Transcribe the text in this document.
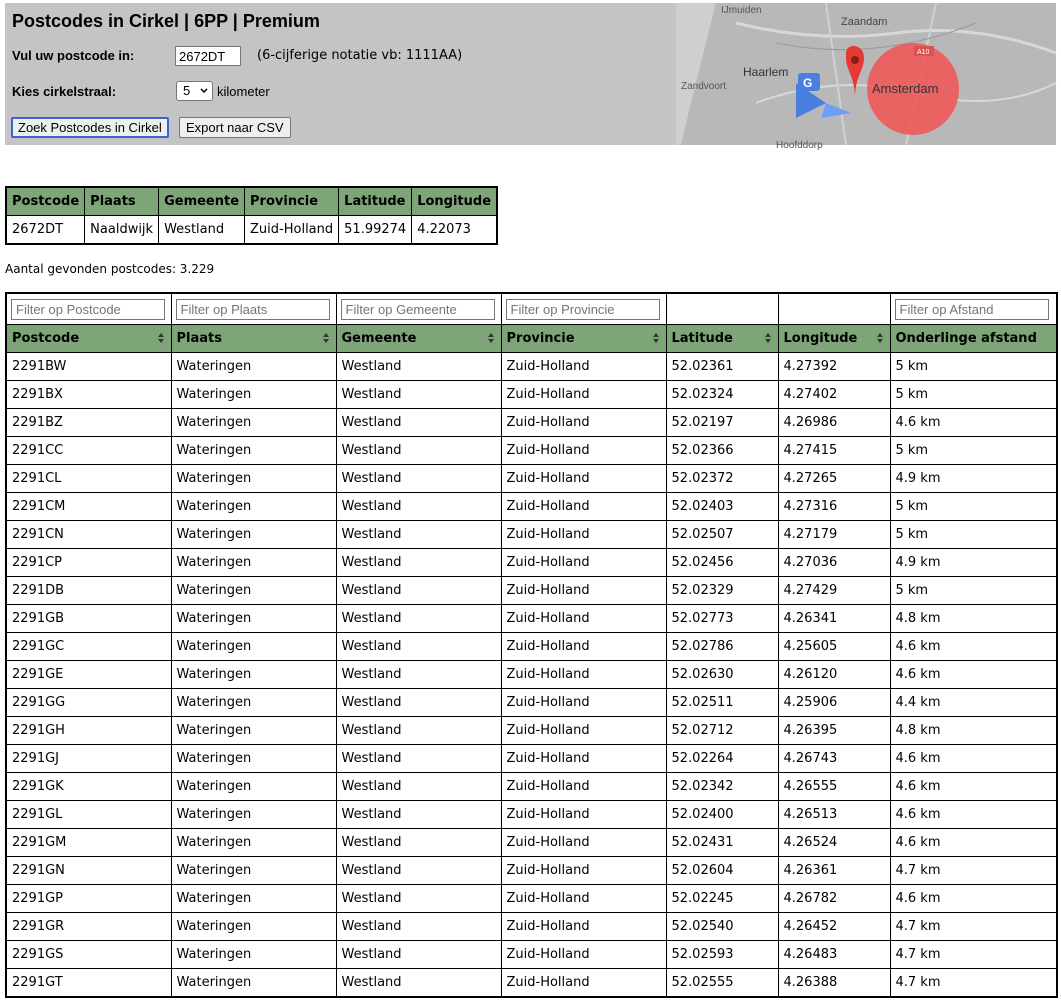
IJmuiden
Zaandam
Haarlem
Zandvoort
Hoofddorp
Amsterdam
A10
G
Postcodes in Cirkel | 6PP | Premium
Vul uw postcode in:
2672DT	(6-cijferige notatie vb: 1111AA)
Kies cirkelstraal:	5	kilometer
Zoek Postcodes in Cirkel	Export naar CSV
Postcode	Plaats	Gemeente	Provincie	Latitude	Longitude
2672DT	Naaldwijk	Westland	Zuid-Holland	51.99274	4.22073
Aantal gevonden postcodes: 3.229
Filter op Postcode	Filter op Plaats	Filter op Gemeente	Filter op Provincie			Filter op Afstand
Postcode	Plaats	Gemeente	Provincie	Latitude	Longitude	Onderlinge afstand
2291BW	Wateringen	Westland	Zuid-Holland	52.02361	4.27392	5 km
2291BX	Wateringen	Westland	Zuid-Holland	52.02324	4.27402	5 km
2291BZ	Wateringen	Westland	Zuid-Holland	52.02197	4.26986	4.6 km
2291CC	Wateringen	Westland	Zuid-Holland	52.02366	4.27415	5 km
2291CL	Wateringen	Westland	Zuid-Holland	52.02372	4.27265	4.9 km
2291CM	Wateringen	Westland	Zuid-Holland	52.02403	4.27316	5 km
2291CN	Wateringen	Westland	Zuid-Holland	52.02507	4.27179	5 km
2291CP	Wateringen	Westland	Zuid-Holland	52.02456	4.27036	4.9 km
2291DB	Wateringen	Westland	Zuid-Holland	52.02329	4.27429	5 km
2291GB	Wateringen	Westland	Zuid-Holland	52.02773	4.26341	4.8 km
2291GC	Wateringen	Westland	Zuid-Holland	52.02786	4.25605	4.6 km
2291GE	Wateringen	Westland	Zuid-Holland	52.02630	4.26120	4.6 km
2291GG	Wateringen	Westland	Zuid-Holland	52.02511	4.25906	4.4 km
2291GH	Wateringen	Westland	Zuid-Holland	52.02712	4.26395	4.8 km
2291GJ	Wateringen	Westland	Zuid-Holland	52.02264	4.26743	4.6 km
2291GK	Wateringen	Westland	Zuid-Holland	52.02342	4.26555	4.6 km
2291GL	Wateringen	Westland	Zuid-Holland	52.02400	4.26513	4.6 km
2291GM	Wateringen	Westland	Zuid-Holland	52.02431	4.26524	4.6 km
2291GN	Wateringen	Westland	Zuid-Holland	52.02604	4.26361	4.7 km
2291GP	Wateringen	Westland	Zuid-Holland	52.02245	4.26782	4.6 km
2291GR	Wateringen	Westland	Zuid-Holland	52.02540	4.26452	4.7 km
2291GS	Wateringen	Westland	Zuid-Holland	52.02593	4.26483	4.7 km
2291GT	Wateringen	Westland	Zuid-Holland	52.02555	4.26388	4.7 km
